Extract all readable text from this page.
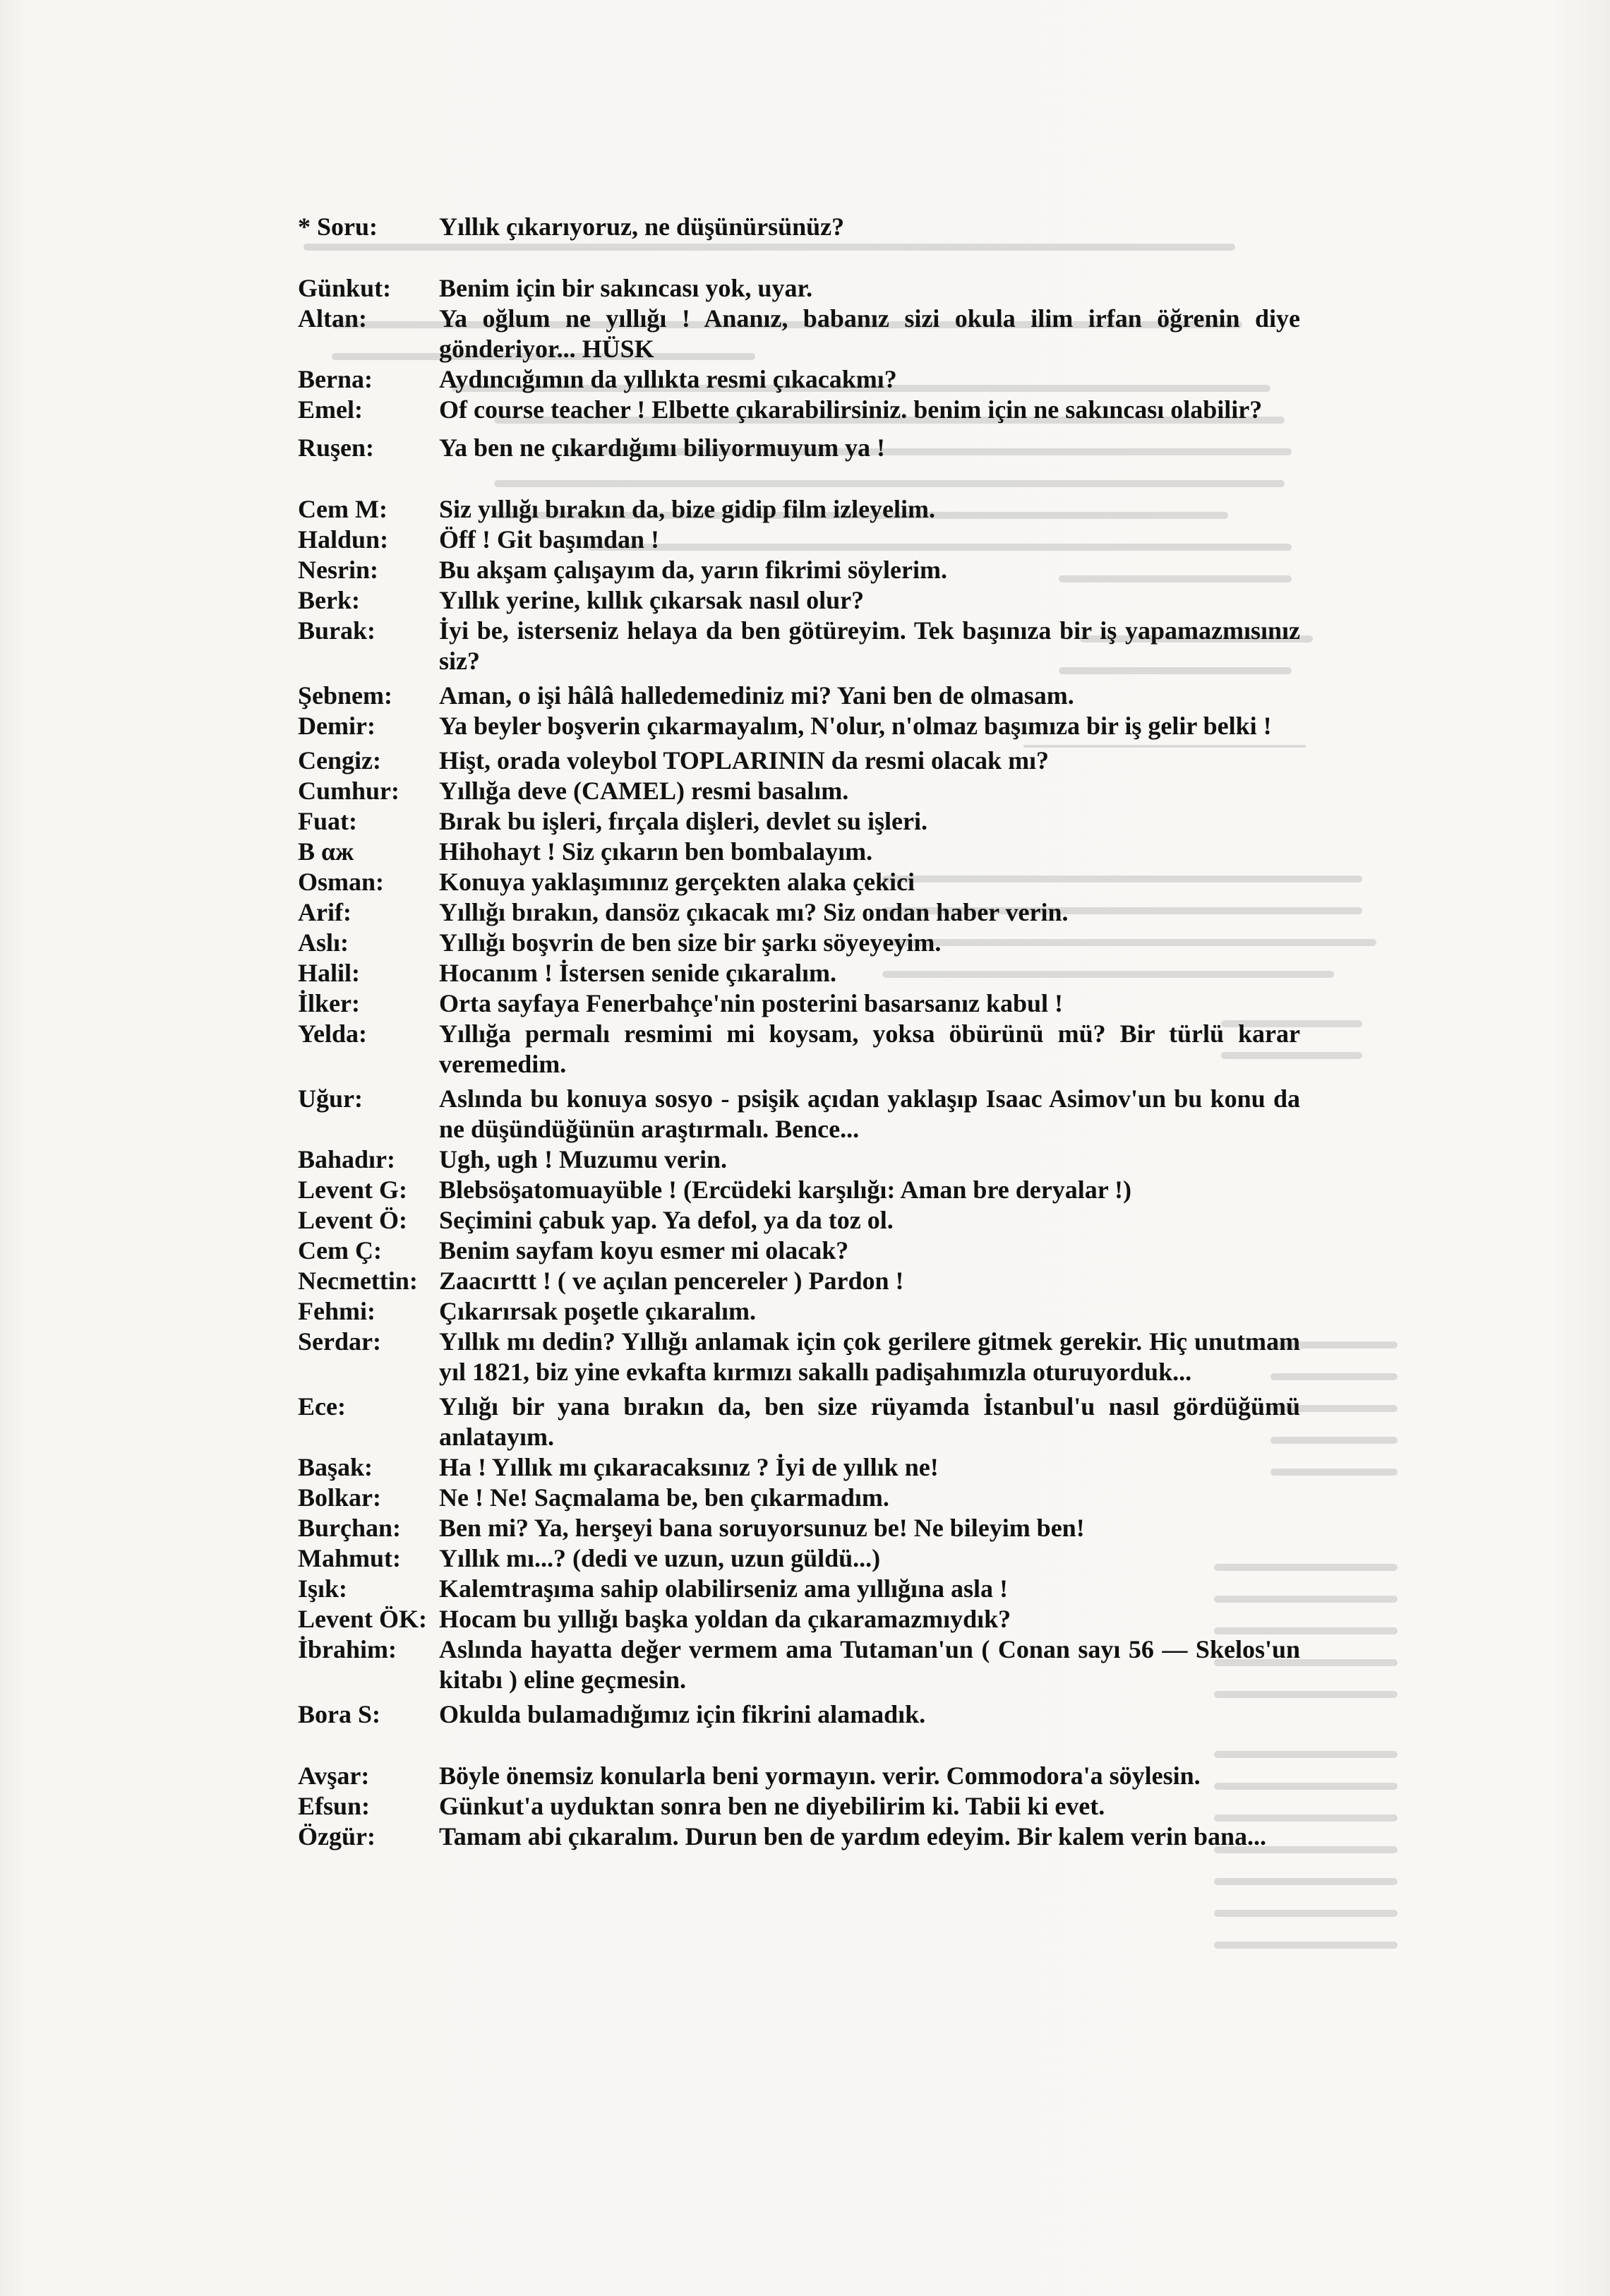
* Soru:	Yıllık çıkarıyoruz, ne düşünürsünüz?
Günkut:	Benim için bir sakıncası yok, uyar.
Altan:	Ya oğlum ne yıllığı ! Ananız, babanız sizi okula ilim irfan öğrenin diye gönderiyor... HÜSK
Berna:	Aydıncığımın da yıllıkta resmi çıkacakmı?
Emel:	Of course teacher ! Elbette çıkarabilirsiniz. benim için ne sakıncası olabilir?
Ruşen:	Ya ben ne çıkardığımı biliyormuyum ya !
Cem M:	Siz yıllığı bırakın da, bize gidip film izleyelim.
Haldun:	Öff ! Git başımdan !
Nesrin:	Bu akşam çalışayım da, yarın fikrimi söylerim.
Berk:	Yıllık yerine, kıllık çıkarsak nasıl olur?
Burak:	İyi be, isterseniz helaya da ben götüreyim. Tek başınıza bir iş yapamazmısınız siz?
Şebnem:	Aman, o işi hâlâ halledemediniz mi? Yani ben de olmasam.
Demir:	Ya beyler boşverin çıkarmayalım, N'olur, n'olmaz başımıza bir iş gelir belki !
Cengiz:	Hişt, orada voleybol TOPLARININ da resmi olacak mı?
Cumhur:	Yıllığa deve (CAMEL) resmi basalım.
Fuat:	Bırak bu işleri, fırçala dişleri, devlet su işleri.
B αж	Hihohayt ! Siz çıkarın ben bombalayım.
Osman:	Konuya yaklaşımınız gerçekten alaka çekici
Arif:	Yıllığı bırakın, dansöz çıkacak mı? Siz ondan haber verin.
Aslı:	Yıllığı boşvrin de ben size bir şarkı söyeyeyim.
Halil:	Hocanım ! İstersen senide çıkaralım.
İlker:	Orta sayfaya Fenerbahçe'nin posterini basarsanız kabul !
Yelda:	Yıllığa permalı resmimi mi koysam, yoksa öbürünü mü? Bir türlü karar veremedim.
Uğur:	Aslında bu konuya sosyo - psişik açıdan yaklaşıp Isaac Asimov'un bu konu da ne düşündüğünün araştırmalı. Bence...
Bahadır:	Ugh, ugh ! Muzumu verin.
Levent G:	Blebsöşatomuayüble ! (Ercüdeki karşılığı: Aman bre deryalar !)
Levent Ö:	Seçimini çabuk yap. Ya defol, ya da toz ol.
Cem Ç:	Benim sayfam koyu esmer mi olacak?
Necmettin: Zaacırttt ! ( ve açılan pencereler ) Pardon !
Fehmi:	Çıkarırsak poşetle çıkaralım.
Serdar:	Yıllık mı dedin? Yıllığı anlamak için çok gerilere gitmek gerekir. Hiç unutmam yıl 1821, biz yine evkafta kırmızı sakallı padişahımızla oturuyorduk...
Ece:	Yılığı bir yana bırakın da, ben size rüyamda İstanbul'u nasıl gördüğümü anlatayım.
Başak:	Ha ! Yıllık mı çıkaracaksınız ? İyi de yıllık ne!
Bolkar:	Ne ! Ne! Saçmalama be, ben çıkarmadım.
Burçhan:	Ben mi? Ya, herşeyi bana soruyorsunuz be! Ne bileyim ben!
Mahmut:	Yıllık mı...? (dedi ve uzun, uzun güldü...)
Işık:	Kalemtraşıma sahip olabilirseniz ama yıllığına asla !
Levent ÖK: Hocam bu yıllığı başka yoldan da çıkaramazmıydık?
İbrahim:	Aslında hayatta değer vermem ama Tutaman'un ( Conan sayı 56 — Skelos'un kitabı ) eline geçmesin.
Bora S:	Okulda bulamadığımız için fikrini alamadık.
Avşar:	Böyle önemsiz konularla beni yormayın. verir. Commodora'a söylesin.
Efsun:	Günkut'a uyduktan sonra ben ne diyebilirim ki. Tabii ki evet.
Özgür:	Tamam abi çıkaralım. Durun ben de yardım edeyim. Bir kalem verin bana...
